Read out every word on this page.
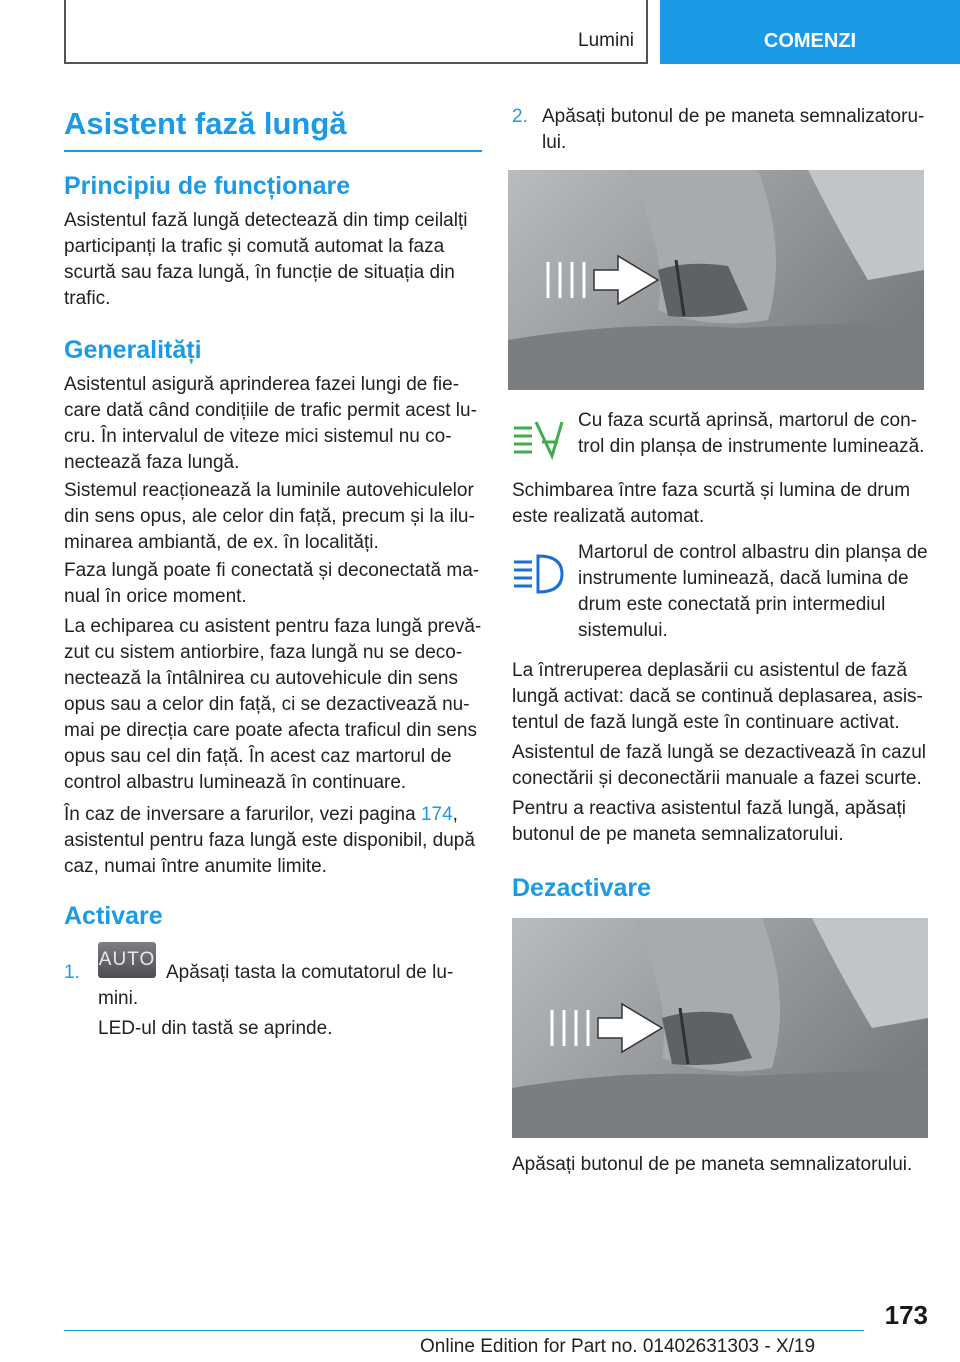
Lumini	COMENZI
Asistent fază lungă
Principiu de funcționare

Asistentul fază lungă detectează din timp ceilalți participanți la trafic și comută automat la faza scurtă sau faza lungă, în funcție de situația din trafic.

Generalități

Asistentul asigură aprinderea fazei lungi de fiecare dată când condițiile de trafic permit acest lucru. În intervalul de viteze mici sistemul nu conectează faza lungă.

Sistemul reacționează la luminile autovehiculelor din sens opus, ale celor din față, precum și la iluminarea ambiantă, de ex. în localități.

Faza lungă poate fi conectată și deconectată manual în orice moment.

La echiparea cu asistent pentru faza lungă prevăzut cu sistem antiorbire, faza lungă nu se deconectează la întâlnirea cu autovehicule din sens opus sau a celor din față, ci se dezactivează numai pe direcția care poate afecta traficul din sens opus sau cel din față. În acest caz martorul de control albastru luminează în continuare.

În caz de inversare a farurilor, vezi pagina 174, asistentul pentru faza lungă este disponibil, după caz, numai între anumite limite.

Activare
1.
AUTO

Apăsați tasta la comutatorul de lumini.

LED-ul din tastă se aprinde.

2. Apăsați butonul de pe maneta semnalizatorului.

Cu faza scurtă aprinsă, martorul de control din planșa de instrumente luminează.

Schimbarea între faza scurtă și lumina de drum este realizată automat.

Martorul de control albastru din planșa de instrumente luminează, dacă lumina de drum este conectată prin intermediul sistemului.

La întreruperea deplasării cu asistentul de fază lungă activat: dacă se continuă deplasarea, asistentul de fază lungă este în continuare activat.

Asistentul de fază lungă se dezactivează în cazul conectării și deconectării manuale a fazei scurte.

Pentru a reactiva asistentul fază lungă, apăsați butonul de pe maneta semnalizatorului.

Dezactivare

Apăsați butonul de pe maneta semnalizatorului.

173
Online Edition for Part no. 01402631303 - X/19
